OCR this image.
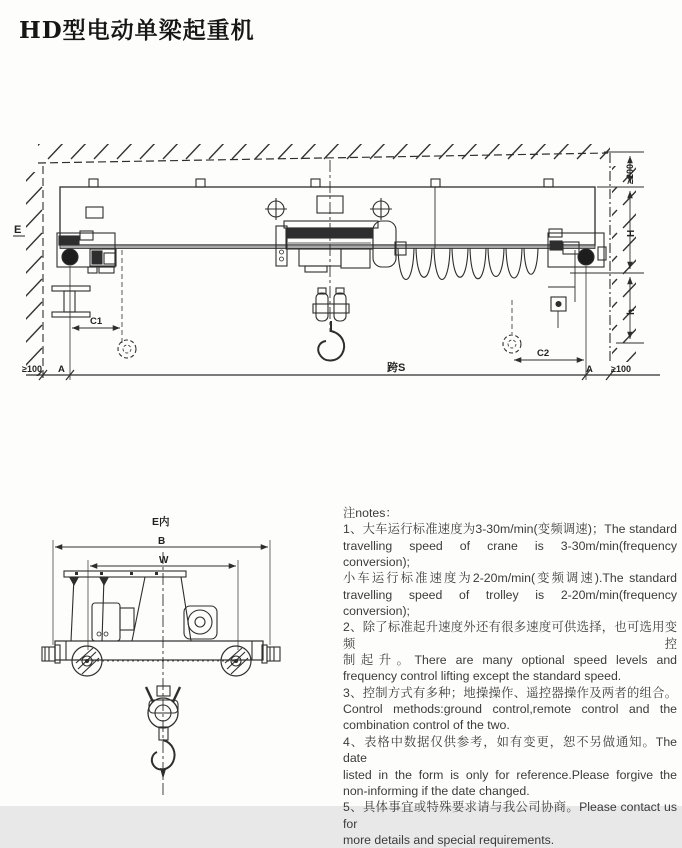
HD型电动单梁起重机
E
≥200
H
h
C1
C2
≥100 A	跨S	A ≥100
E内
B
W
注notes：
1、大车运行标准速度为3-30m/min(变频调速)；The standard
travelling speed of crane is 3-30m/min(frequency
conversion);
小车运行标准速度为2-20m/min(变频调速).The standard
travelling speed of trolley is 2-20m/min(frequency
conversion);
2、除了标准起升速度外还有很多速度可供选择，也可选用变频控
制起升。There are many optional speed levels and
frequency control lifting except the standard speed.
3、控制方式有多种；地操操作、遥控器操作及两者的组合。
Control methods:ground control,remote control and the
combination control of the two.
4、表格中数据仅供参考，如有变更，恕不另做通知。The date
listed in the form is only for reference.Please forgive the
non-informing if the date changed.
5、具体事宜或特殊要求请与我公司协商。Please contact us for
more details and special requirements.
